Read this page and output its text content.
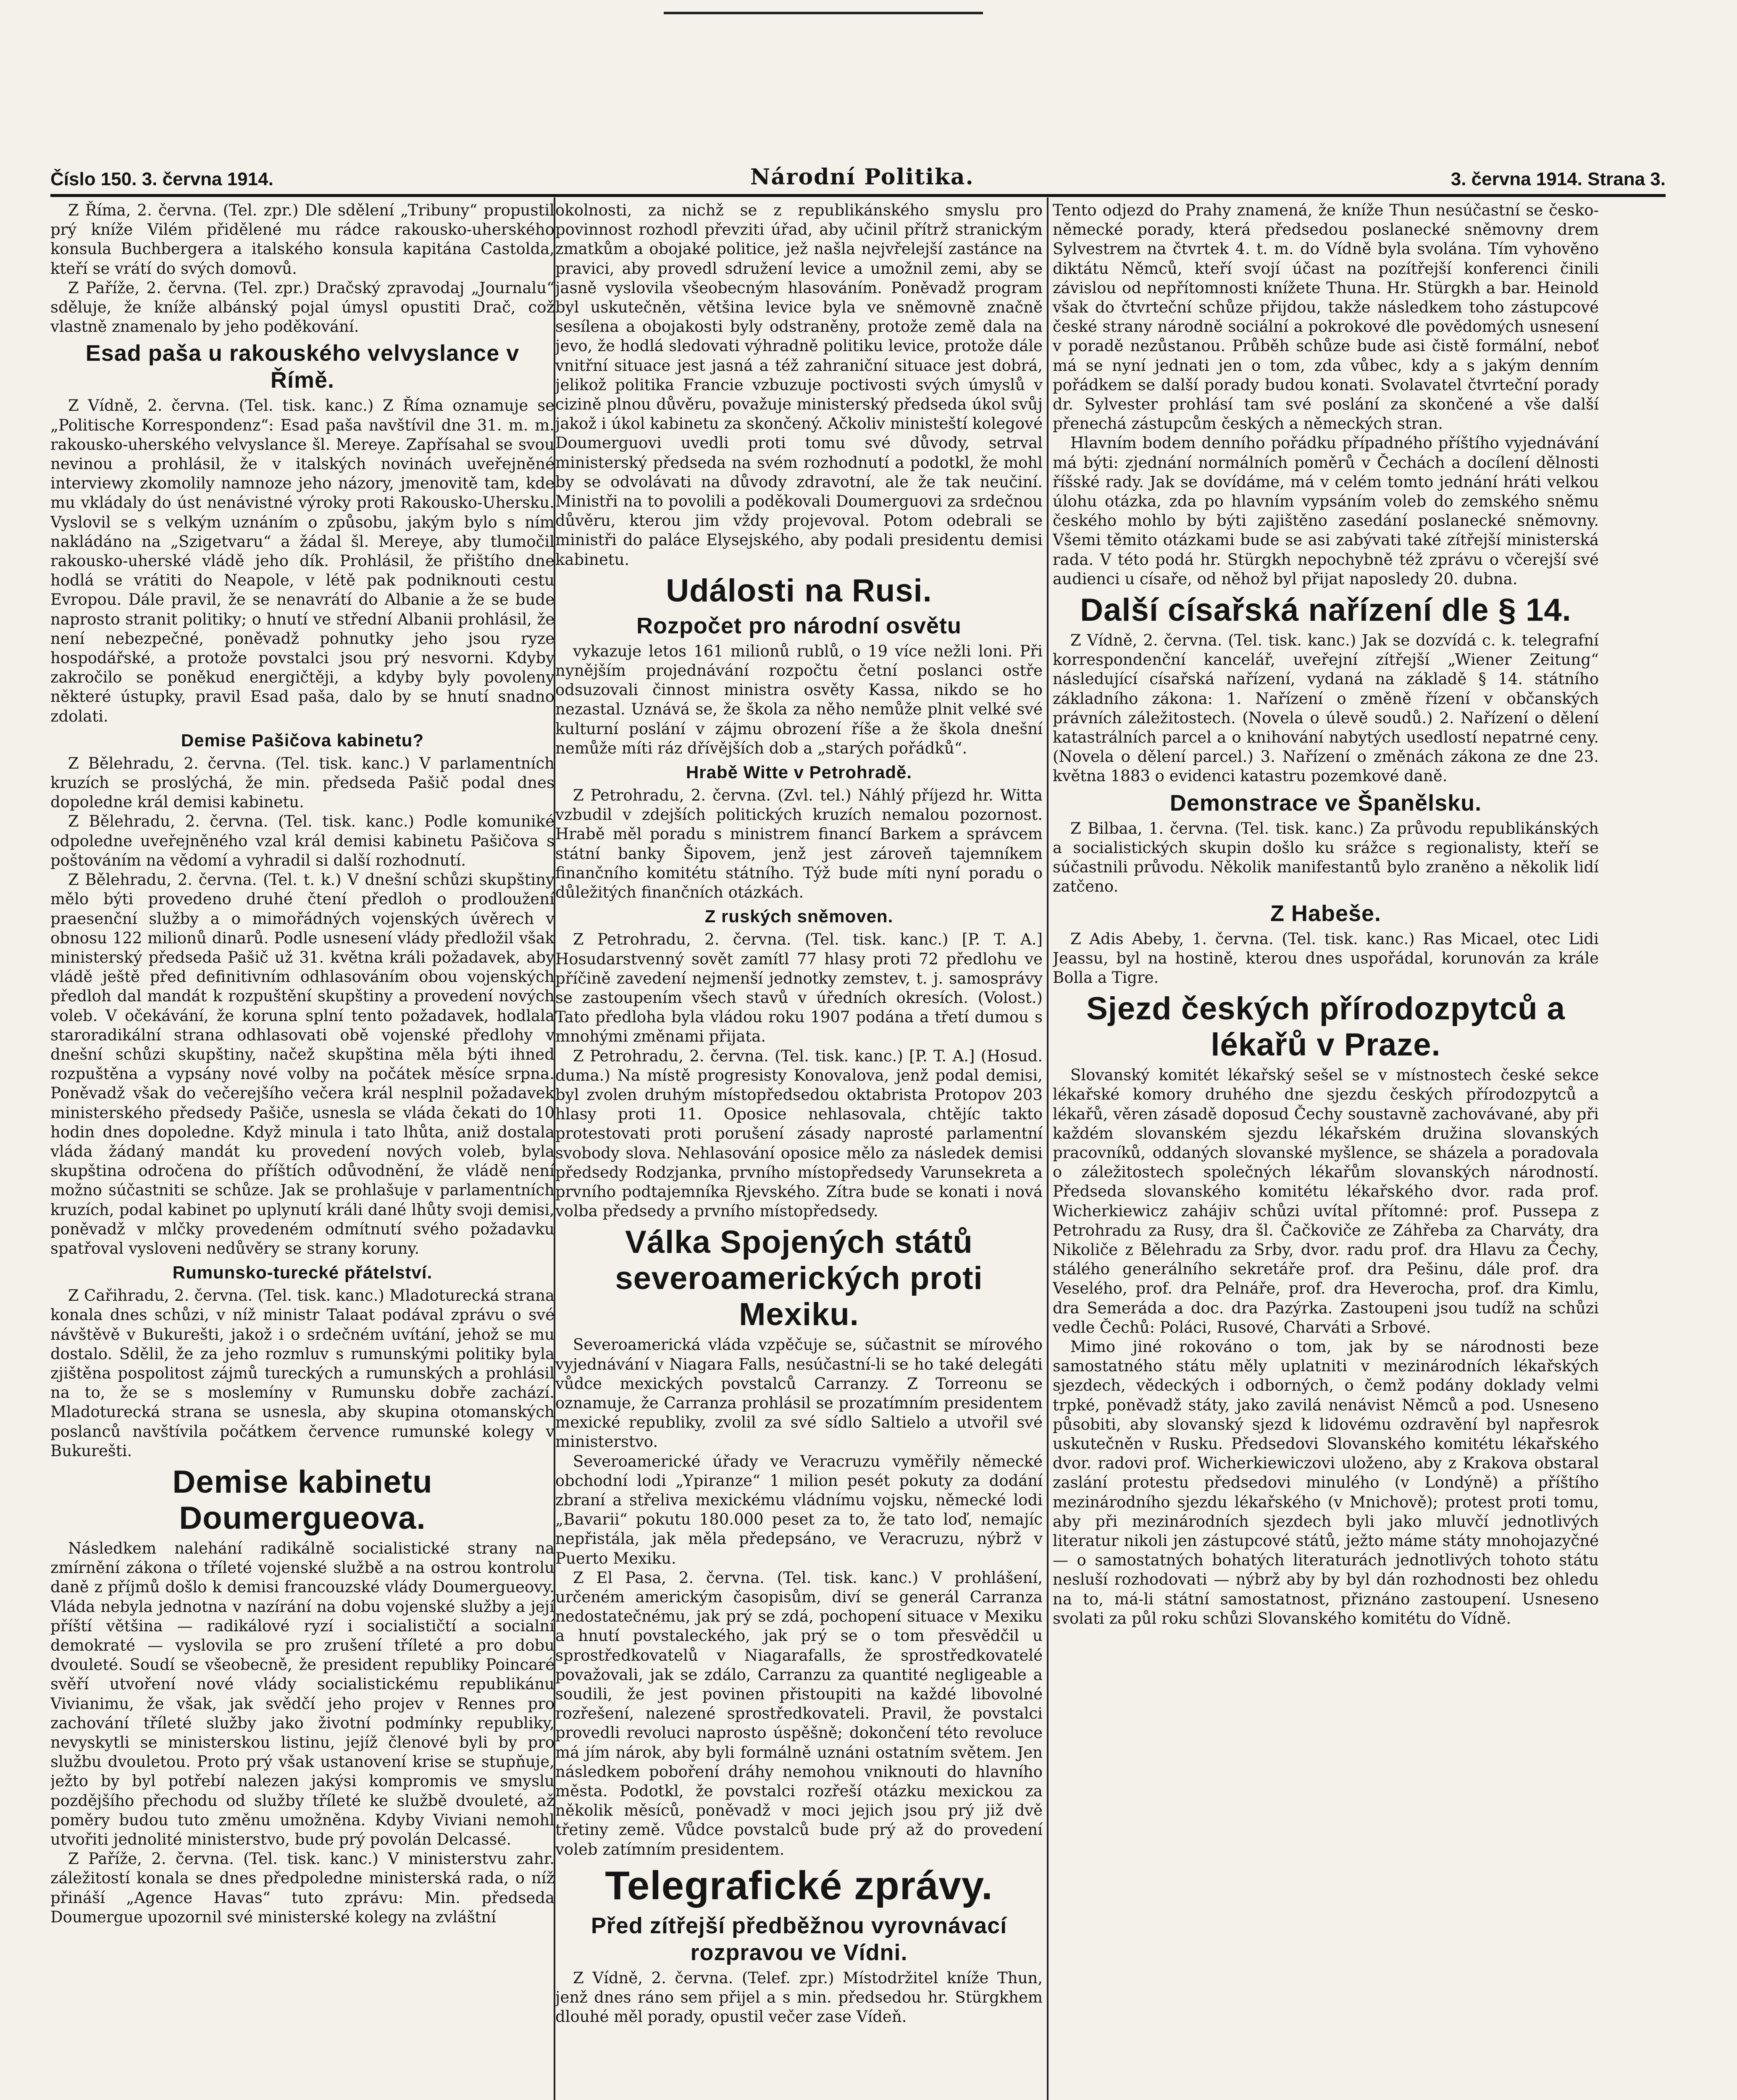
Číslo 150. 3. června 1914.	Národní Politika.	3. června 1914. Strana 3.

Z Říma, 2. června. (Tel. zpr.) Dle sdělení „Tribuny“ propustil prý kníže Vilém přidělené mu rádce rakousko-uherského konsula Buchbergera a italského konsula kapitána Castolda, kteří se vrátí do svých domovů.

Z Paříže, 2. června. (Tel. zpr.) Dračský zpravodaj „Journalu“ sděluje, že kníže albánský pojal úmysl opustiti Drač, což vlastně znamenalo by jeho poděkování.

Esad paša u rakouského velvyslance v Římě.

Z Vídně, 2. června. (Tel. tisk. kanc.) Z Říma oznamuje se „Politische Korrespondenz“: Esad paša navštívil dne 31. m. m. rakousko-uherského velvyslance šl. Mereye. Zapřísahal se svou nevinou a prohlásil, že v italských novinách uveřejněné interviewy zkomolily namnoze jeho názory, jmenovitě tam, kde mu vkládaly do úst nenávistné výroky proti Rakousko-Uhersku. Vyslovil se s velkým uznáním o způsobu, jakým bylo s ním nakládáno na „Szigetvaru“ a žádal šl. Mereye, aby tlumočil rakousko-uherské vládě jeho dík. Prohlásil, že přištího dne hodlá se vrátiti do Neapole, v létě pak podniknouti cestu Evropou. Dále pravil, že se nenavrátí do Albanie a že se bude naprosto stranit politiky; o hnutí ve střední Albanii prohlásil, že není nebezpečné, poněvadž pohnutky jeho jsou ryze hospodářské, a protože povstalci jsou prý nesvorni. Kdyby zakročilo se poněkud energičtěji, a kdyby byly povoleny některé ústupky, pravil Esad paša, dalo by se hnutí snadno zdolati.

Demise Pašičova kabinetu?

Z Bělehradu, 2. června. (Tel. tisk. kanc.) V parlamentních kruzích se proslýchá, že min. předseda Pašič podal dnes dopoledne král demisi kabinetu.

Z Bělehradu, 2. června. (Tel. tisk. kanc.) Podle komuniké odpoledne uveřejněného vzal král demisi kabinetu Pašičova s poštováním na vědomí a vyhradil si další rozhodnutí.

Z Bělehradu, 2. června. (Tel. t. k.) V dnešní schůzi skupštiny mělo býti provedeno druhé čtení předloh o prodloužení praesenční služby a o mimořádných vojenských úvěrech v obnosu 122 milionů dinarů. Podle usnesení vlády předložil však ministerský předseda Pašič už 31. května králi požadavek, aby vládě ještě před definitivním odhlasováním obou vojenských předloh dal mandát k rozpuštění skupštiny a provedení nových voleb. V očekávání, že koruna splní tento požadavek, hodlala staroradikální strana odhlasovati obě vojenské předlohy v dnešní schůzi skupštiny, načež skupština měla býti ihned rozpuštěna a vypsány nové volby na počátek měsíce srpna. Poněvadž však do večerejšího večera král nesplnil požadavek ministerského předsedy Pašiče, usnesla se vláda čekati do 10 hodin dnes dopoledne. Když minula i tato lhůta, aniž dostala vláda žádaný mandát ku provedení nových voleb, byla skupština odročena do příštích odůvodnění, že vládě není možno súčastniti se schůze. Jak se prohlašuje v parlamentních kruzích, podal kabinet po uplynutí králi dané lhůty svoji demisi, poněvadž v mlčky provedeném odmítnutí svého požadavku spatřoval vysloveni nedůvěry se strany koruny.

Rumunsko-turecké přátelství.

Z Cařihradu, 2. června. (Tel. tisk. kanc.) Mladoturecká strana konala dnes schůzi, v níž ministr Talaat podával zprávu o své návštěvě v Bukurešti, jakož i o srdečném uvítání, jehož se mu dostalo. Sdělil, že za jeho rozmluv s rumunskými politiky byla zjištěna pospolitost zájmů tureckých a rumunských a prohlásil na to, že se s moslemíny v Rumunsku dobře zachází. Mladoturecká strana se usnesla, aby skupina otomanských poslanců navštívila počátkem července rumunské kolegy v Bukurešti.

Demise kabinetu Doumergueova.

Následkem nalehání radikálně socialistické strany na zmírnění zákona o tříleté vojenské službě a na ostrou kontrolu daně z příjmů došlo k demisi francouzské vlády Doumergueovy. Vláda nebyla jednotna v nazírání na dobu vojenské služby a její příští většina — radikálové ryzí i socialističtí a socialní demokraté — vyslovila se pro zrušení tříleté a pro dobu dvouleté. Soudí se všeobecně, že president republiky Poincaré svěří utvoření nové vlády socialistickému republikánu Vivianimu, že však, jak svědčí jeho projev v Rennes pro zachování tříleté služby jako životní podmínky republiky, nevyskytli se ministerskou listinu, jejíž členové byli by pro službu dvouletou. Proto prý však ustanovení krise se stupňuje, ježto by byl potřebí nalezen jakýsi kompromis ve smyslu pozdějšího přechodu od služby tříleté ke službě dvouleté, až poměry budou tuto změnu umožněna. Kdyby Viviani nemohl utvořiti jednolité ministerstvo, bude prý povolán Delcassé.

Z Paříže, 2. června. (Tel. tisk. kanc.) V ministerstvu zahr. záležitostí konala se dnes předpoledne ministerská rada, o níž přináší „Agence Havas“ tuto zprávu: Min. předseda Doumergue upozornil své ministerské kolegy na zvláštní

okolnosti, za nichž se z republikánského smyslu pro povinnost rozhodl převziti úřad, aby učinil přítrž stranickým zmatkům a obojaké politice, jež našla nejvřelejší zastánce na pravici, aby provedl sdružení levice a umožnil zemi, aby se jasně vyslovila všeobecným hlasováním. Poněvadž program byl uskutečněn, většina levice byla ve sněmovně značně sesílena a obojakosti byly odstraněny, protože země dala na jevo, že hodlá sledovati výhradně politiku levice, protože dále vnitřní situace jest jasná a též zahraniční situace jest dobrá, jelikož politika Francie vzbuzuje poctivosti svých úmyslů v cizině plnou důvěru, považuje ministerský předseda úkol svůj jakož i úkol kabinetu za skončený. Ačkoliv ministeští kolegové Doumerguovi uvedli proti tomu své důvody, setrval ministerský předseda na svém rozhodnutí a podotkl, že mohl by se odvolávati na důvody zdravotní, ale že tak neučiní. Ministři na to povolili a poděkovali Doumerguovi za srdečnou důvěru, kterou jim vždy projevoval. Potom odebrali se ministři do paláce Elysejského, aby podali presidentu demisi kabinetu.

Události na Rusi.
Rozpočet pro národní osvětu

vykazuje letos 161 milionů rublů, o 19 více nežli loni. Při nynějším projednávání rozpočtu četní poslanci ostře odsuzovali činnost ministra osvěty Kassa, nikdo se ho nezastal. Uznává se, že škola za něho nemůže plnit velké své kulturní poslání v zájmu obrození říše a že škola dnešní nemůže míti ráz dřívějších dob a „starých pořádků“.

Hrabě Witte v Petrohradě.

Z Petrohradu, 2. června. (Zvl. tel.) Náhlý příjezd hr. Witta vzbudil v zdejších politických kruzích nemalou pozornost. Hrabě měl poradu s ministrem financí Barkem a správcem státní banky Šipovem, jenž jest zároveň tajemníkem finančního komitétu státního. Týž bude míti nyní poradu o důležitých finančních otázkách.

Z ruských sněmoven.

Z Petrohradu, 2. června. (Tel. tisk. kanc.) [P. T. A.] Hosudarstvenný sovět zamítl 77 hlasy proti 72 předlohu ve příčině zavedení nejmenší jednotky zemstev, t. j. samosprávy se zastoupením všech stavů v úředních okresích. (Volost.) Tato předloha byla vládou roku 1907 podána a třetí dumou s mnohými změnami přijata.

Z Petrohradu, 2. června. (Tel. tisk. kanc.) [P. T. A.] (Hosud. duma.) Na místě progresisty Konovalova, jenž podal demisi, byl zvolen druhým místopředsedou oktabrista Protopov 203 hlasy proti 11. Oposice nehlasovala, chtějíc takto protestovati proti porušení zásady naprosté parlamentní svobody slova. Nehlasování oposice mělo za následek demisi předsedy Rodzjanka, prvního místopředsedy Varunsekreta a prvního podtajemníka Rjevského. Zítra bude se konati i nová volba předsedy a prvního místopředsedy.

Válka Spojených států severoamerických proti Mexiku.

Severoamerická vláda vzpěčuje se, súčastnit se mírového vyjednávání v Niagara Falls, nesúčastní-li se ho také delegáti vůdce mexických povstalců Carranzy. Z Torreonu se oznamuje, že Carranza prohlásil se prozatímním presidentem mexické republiky, zvolil za své sídlo Saltielo a utvořil své ministerstvo.

Severoamerické úřady ve Veracruzu vyměřily německé obchodní lodi „Ypiranze“ 1 milion pesét pokuty za dodání zbraní a střeliva mexickému vládnímu vojsku, německé lodi „Bavarii“ pokutu 180.000 peset za to, že tato loď, nemajíc nepřistála, jak měla předepsáno, ve Veracruzu, nýbrž v Puerto Mexiku.

Z El Pasa, 2. června. (Tel. tisk. kanc.) V prohlášení, určeném americkým časopisům, diví se generál Carranza nedostatečnému, jak prý se zdá, pochopení situace v Mexiku a hnutí povstaleckého, jak prý se o tom přesvědčil u sprostředkovatelů v Niagarafalls, že sprostředkovatelé považovali, jak se zdálo, Carranzu za quantité negligeable a soudili, že jest povinen přistoupiti na každé libovolné rozřešení, nalezené sprostředkovateli. Pravil, že povstalci provedli revoluci naprosto úspěšně; dokončení této revoluce má jím nárok, aby byli formálně uznáni ostatním světem. Jen následkem poboření dráhy nemohou vniknouti do hlavního města. Podotkl, že povstalci rozřeší otázku mexickou za několik měsíců, poněvadž v moci jejich jsou prý již dvě třetiny země. Vůdce povstalců bude prý až do provedení voleb zatímním presidentem.

Telegrafické zprávy.
Před zítřejší předběžnou vyrovnávací rozpravou ve Vídni.

Z Vídně, 2. června. (Telef. zpr.) Místodržitel kníže Thun, jenž dnes ráno sem přijel a s min. předsedou hr. Stürgkhem dlouhé měl porady, opustil večer zase Vídeň.

Tento odjezd do Prahy znamená, že kníže Thun nesúčastní se česko-německé porady, která předsedou poslanecké sněmovny drem Sylvestrem na čtvrtek 4. t. m. do Vídně byla svolána. Tím vyhověno diktátu Němců, kteří svojí účast na pozítřejší konferenci činili závislou od nepřítomnosti knížete Thuna. Hr. Stürgkh a bar. Heinold však do čtvrteční schůze přijdou, takže následkem toho zástupcové české strany národně sociální a pokrokové dle povědomých usnesení v poradě nezůstanou. Průběh schůze bude asi čistě formální, neboť má se nyní jednati jen o tom, zda vůbec, kdy a s jakým denním pořádkem se další porady budou konati. Svolavatel čtvrteční porady dr. Sylvester prohlásí tam své poslání za skončené a vše další přenechá zástupcům českých a německých stran.

Hlavním bodem denního pořádku případného příštího vyjednávání má býti: zjednání normálních poměrů v Čechách a docílení dělnosti říšské rady. Jak se dovídáme, má v celém tomto jednání hráti velkou úlohu otázka, zda po hlavním vypsáním voleb do zemského sněmu českého mohlo by býti zajištěno zasedání poslanecké sněmovny. Všemi těmito otázkami bude se asi zabývati také zítřejší ministerská rada. V této podá hr. Stürgkh nepochybně též zprávu o včerejší své audienci u císaře, od něhož byl přijat naposledy 20. dubna.

Další císařská nařízení dle § 14.

Z Vídně, 2. června. (Tel. tisk. kanc.) Jak se dozvídá c. k. telegrafní korrespondenční kancelář, uveřejní zítřejší „Wiener Zeitung“ následující císařská nařízení, vydaná na základě § 14. státního základního zákona: 1. Nařízení o změně řízení v občanských právních záležitostech. (Novela o úlevě soudů.) 2. Nařízení o dělení katastrálních parcel a o knihování nabytých usedlostí nepatrné ceny. (Novela o dělení parcel.) 3. Nařízení o změnách zákona ze dne 23. května 1883 o evidenci katastru pozemkové daně.

Demonstrace ve Španělsku.

Z Bilbaa, 1. června. (Tel. tisk. kanc.) Za průvodu republikánských a socialistických skupin došlo ku srážce s regionalisty, kteří se súčastnili průvodu. Několik manifestantů bylo zraněno a několik lidí zatčeno.

Z Habeše.

Z Adis Abeby, 1. června. (Tel. tisk. kanc.) Ras Micael, otec Lidi Jeassu, byl na hostině, kterou dnes uspořádal, korunován za krále Bolla a Tigre.

Sjezd českých přírodozpytců a lékařů v Praze.

Slovanský komitét lékařský sešel se v místnostech české sekce lékařské komory druhého dne sjezdu českých přírodozpytců a lékařů, věren zásadě doposud Čechy soustavně zachovávané, aby při každém slovanském sjezdu lékařském družina slovanských pracovníků, oddaných slovanské myšlence, se sházela a poradovala o záležitostech společných lékařům slovanských národností. Předseda slovanského komitétu lékařského dvor. rada prof. Wicherkiewicz zahájiv schůzi uvítal přítomné: prof. Pussepa z Petrohradu za Rusy, dra šl. Čačkoviče ze Záhřeba za Charváty, dra Nikoliče z Bělehradu za Srby, dvor. radu prof. dra Hlavu za Čechy, stálého generálního sekretáře prof. dra Pešinu, dále prof. dra Veselého, prof. dra Pelnáře, prof. dra Heverocha, prof. dra Kimlu, dra Semeráda a doc. dra Pazýrka. Zastoupeni jsou tudíž na schůzi vedle Čechů: Poláci, Rusové, Charváti a Srbové.

Mimo jiné rokováno o tom, jak by se národnosti beze samostatného státu měly uplatniti v mezinárodních lékařských sjezdech, vědeckých i odborných, o čemž podány doklady velmi trpké, poněvadž státy, jako zavilá nenávist Němců a pod. Usneseno působiti, aby slovanský sjezd k lidovému ozdravění byl napřesrok uskutečněn v Rusku. Předsedovi Slovanského komitétu lékařského dvor. radovi prof. Wicherkiewiczovi uloženo, aby z Krakova obstaral zaslání protestu předsedovi minulého (v Londýně) a příštího mezinárodního sjezdu lékařského (v Mnichově); protest proti tomu, aby při mezinárodních sjezdech byli jako mluvčí jednotlivých literatur nikoli jen zástupcové států, ježto máme státy mnohojazyčné — o samostatných bohatých literaturách jednotlivých tohoto státu nesluší rozhodovati — nýbrž aby by byl dán rozhodnosti bez ohledu na to, má-li státní samostatnost, přiznáno zastoupení. Usneseno svolati za půl roku schůzi Slovanského komitétu do Vídně.
